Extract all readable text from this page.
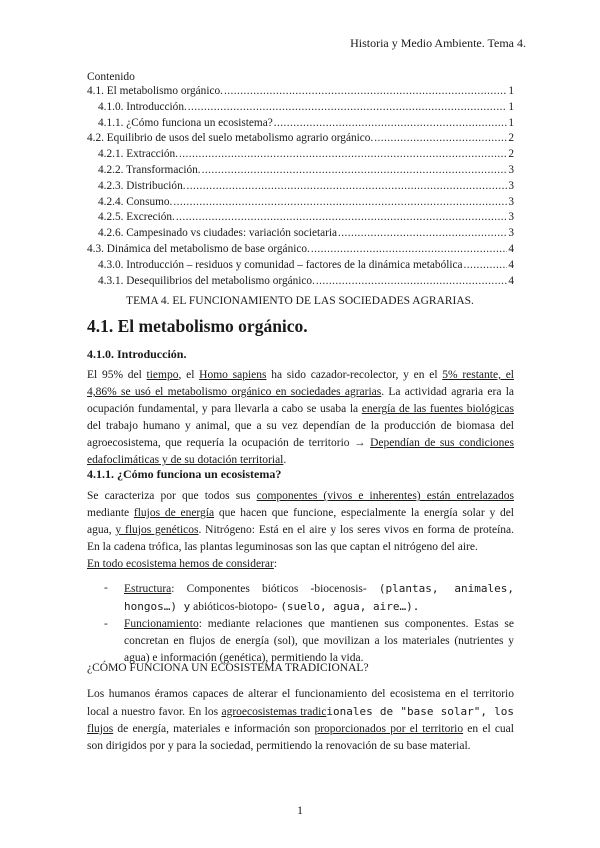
Historia y Medio Ambiente. Tema 4.
Contenido
4.1. El metabolismo orgánico. . . .	1
4.1.0. Introducción. . . .	1
4.1.1. ¿Cómo funciona un ecosistema? . . .	1
4.2. Equilibrio de usos del suelo metabolismo agrario orgánico. . . .	2
4.2.1. Extracción. . . .	2
4.2.2. Transformación. . . .	3
4.2.3. Distribución. . . .	3
4.2.4. Consumo. . . .	3
4.2.5. Excreción. . . .	3
4.2.6. Campesinado vs ciudades: variación societaria . . .	3
4.3. Dinámica del metabolismo de base orgánico. . . .	4
4.3.0. Introducción – residuos y comunidad – factores de la dinámica metabólica . . .	4
4.3.1. Desequilibrios del metabolismo orgánico. . . .	4
TEMA 4. EL FUNCIONAMIENTO DE LAS SOCIEDADES AGRARIAS.
4.1. El metabolismo orgánico.
4.1.0. Introducción.
El 95% del tiempo, el Homo sapiens ha sido cazador-recolector, y en el 5% restante, el 4,86% se usó el metabolismo orgánico en sociedades agrarias. La actividad agraria era la ocupación fundamental, y para llevarla a cabo se usaba la energía de las fuentes biológicas del trabajo humano y animal, que a su vez dependían de la producción de biomasa del agroecosistema, que requería la ocupación de territorio → Dependían de sus condiciones edafoclimáticas y de su dotación territorial.
4.1.1. ¿Cómo funciona un ecosistema?
Se caracteriza por que todos sus componentes (vivos e inherentes) están entrelazados mediante flujos de energía que hacen que funcione, especialmente la energía solar y del agua, y flujos genéticos. Nitrógeno: Está en el aire y los seres vivos en forma de proteína. En la cadena trófica, las plantas leguminosas son las que captan el nitrógeno del aire.
En todo ecosistema hemos de considerar:
- Estructura: Componentes bióticos -biocenosis- (plantas, animales, hongos…) y abióticos-biotopo- (suelo, agua, aire…).
- Funcionamiento: mediante relaciones que mantienen sus componentes. Estas se concretan en flujos de energía (sol), que movilizan a los materiales (nutrientes y agua) e información (genética), permitiendo la vida.
¿CÓMO FUNCIONA UN ECOSISTEMA TRADICIONAL?
Los humanos éramos capaces de alterar el funcionamiento del ecosistema en el territorio local a nuestro favor. En los agroecosistemas tradicionales de "base solar", los flujos de energía, materiales e información son proporcionados por el territorio en el cual son dirigidos por y para la sociedad, permitiendo la renovación de su base material.
1
